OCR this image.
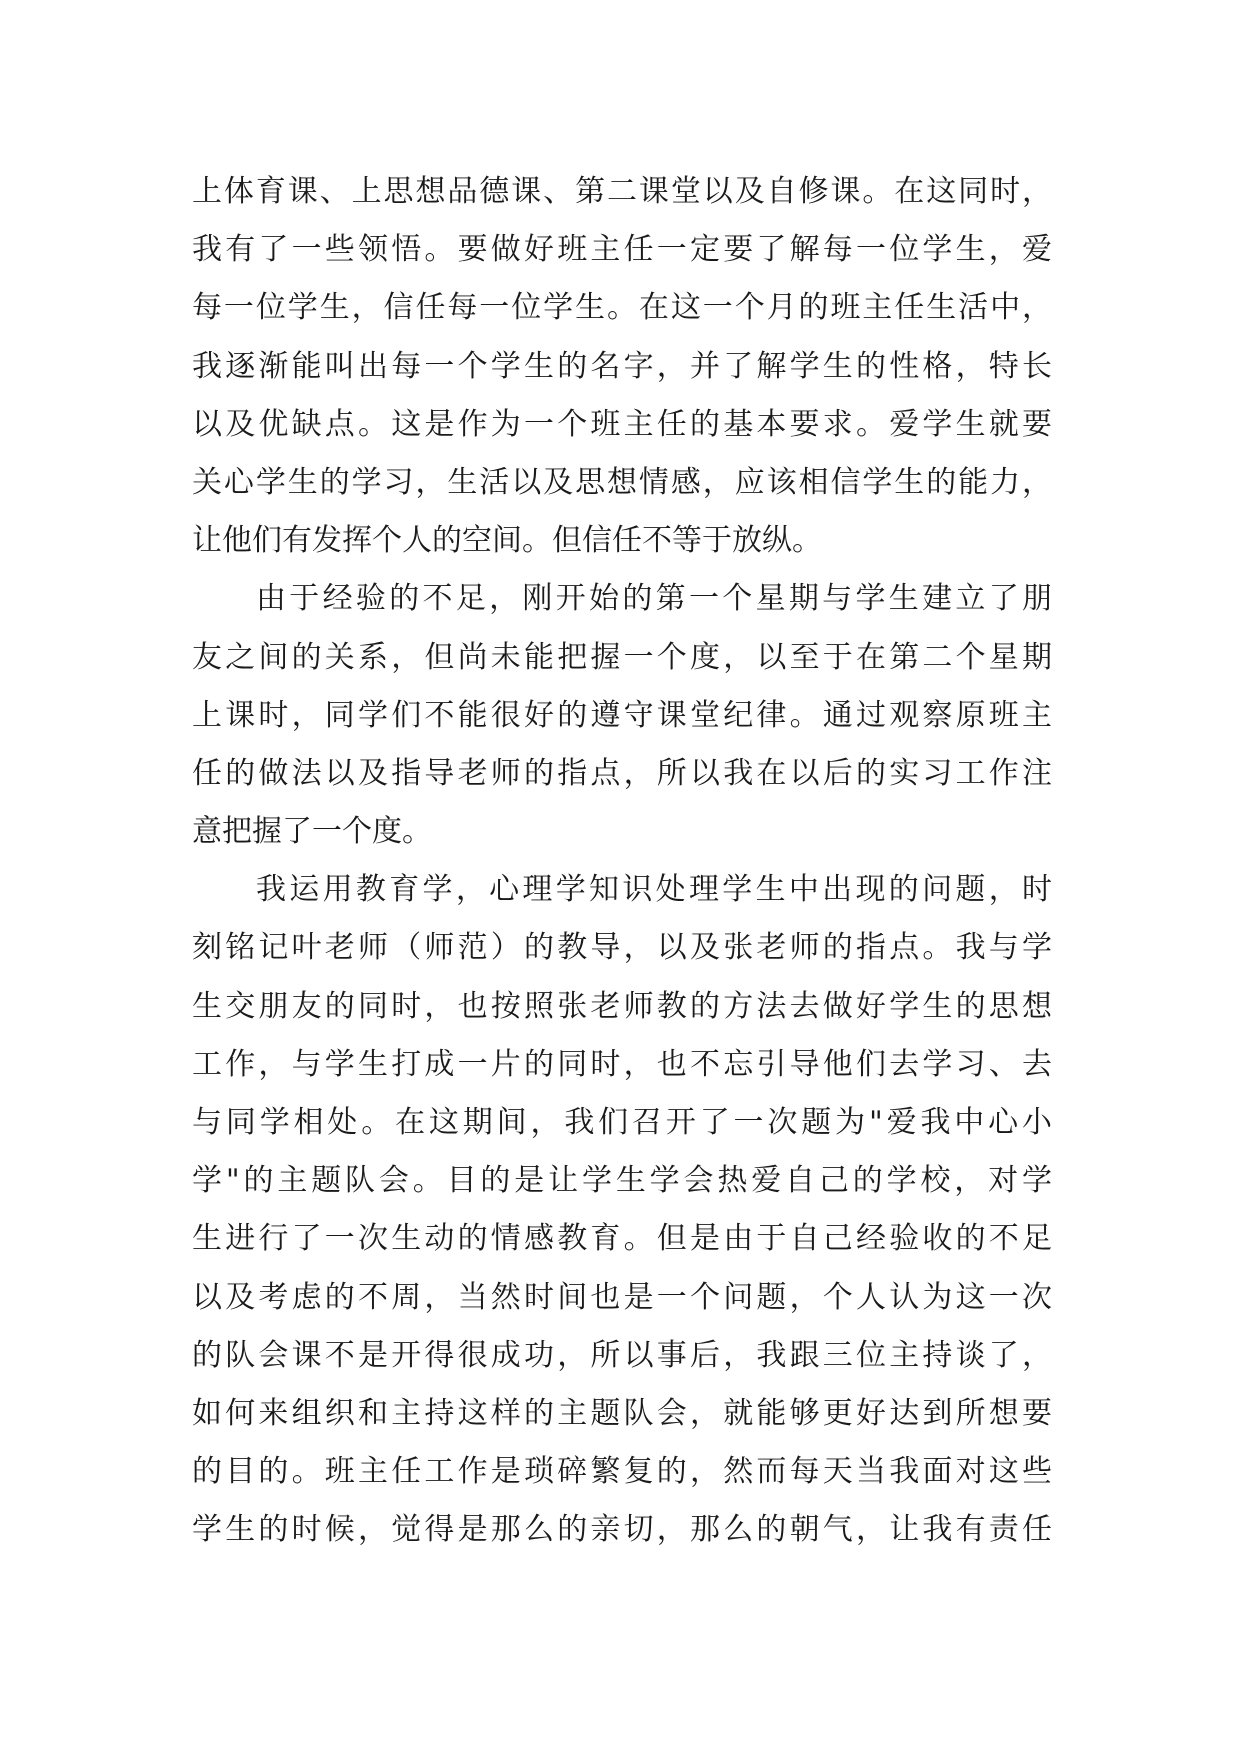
上体育课、上思想品德课、第二课堂以及自修课。在这同时，
我有了一些领悟。要做好班主任一定要了解每一位学生，爱
每一位学生，信任每一位学生。在这一个月的班主任生活中，
我逐渐能叫出每一个学生的名字，并了解学生的性格，特长
以及优缺点。这是作为一个班主任的基本要求。爱学生就要
关心学生的学习，生活以及思想情感，应该相信学生的能力，
让他们有发挥个人的空间。但信任不等于放纵。
由于经验的不足，刚开始的第一个星期与学生建立了朋
友之间的关系，但尚未能把握一个度，以至于在第二个星期
上课时，同学们不能很好的遵守课堂纪律。通过观察原班主
任的做法以及指导老师的指点，所以我在以后的实习工作注
意把握了一个度。
我运用教育学，心理学知识处理学生中出现的问题，时
刻铭记叶老师（师范）的教导，以及张老师的指点。我与学
生交朋友的同时，也按照张老师教的方法去做好学生的思想
工作，与学生打成一片的同时，也不忘引导他们去学习、去
与同学相处。在这期间，我们召开了一次题为"爱我中心小
学"的主题队会。目的是让学生学会热爱自己的学校，对学
生进行了一次生动的情感教育。但是由于自己经验收的不足
以及考虑的不周，当然时间也是一个问题，个人认为这一次
的队会课不是开得很成功，所以事后，我跟三位主持谈了，
如何来组织和主持这样的主题队会，就能够更好达到所想要
的目的。班主任工作是琐碎繁复的，然而每天当我面对这些
学生的时候，觉得是那么的亲切，那么的朝气，让我有责任
